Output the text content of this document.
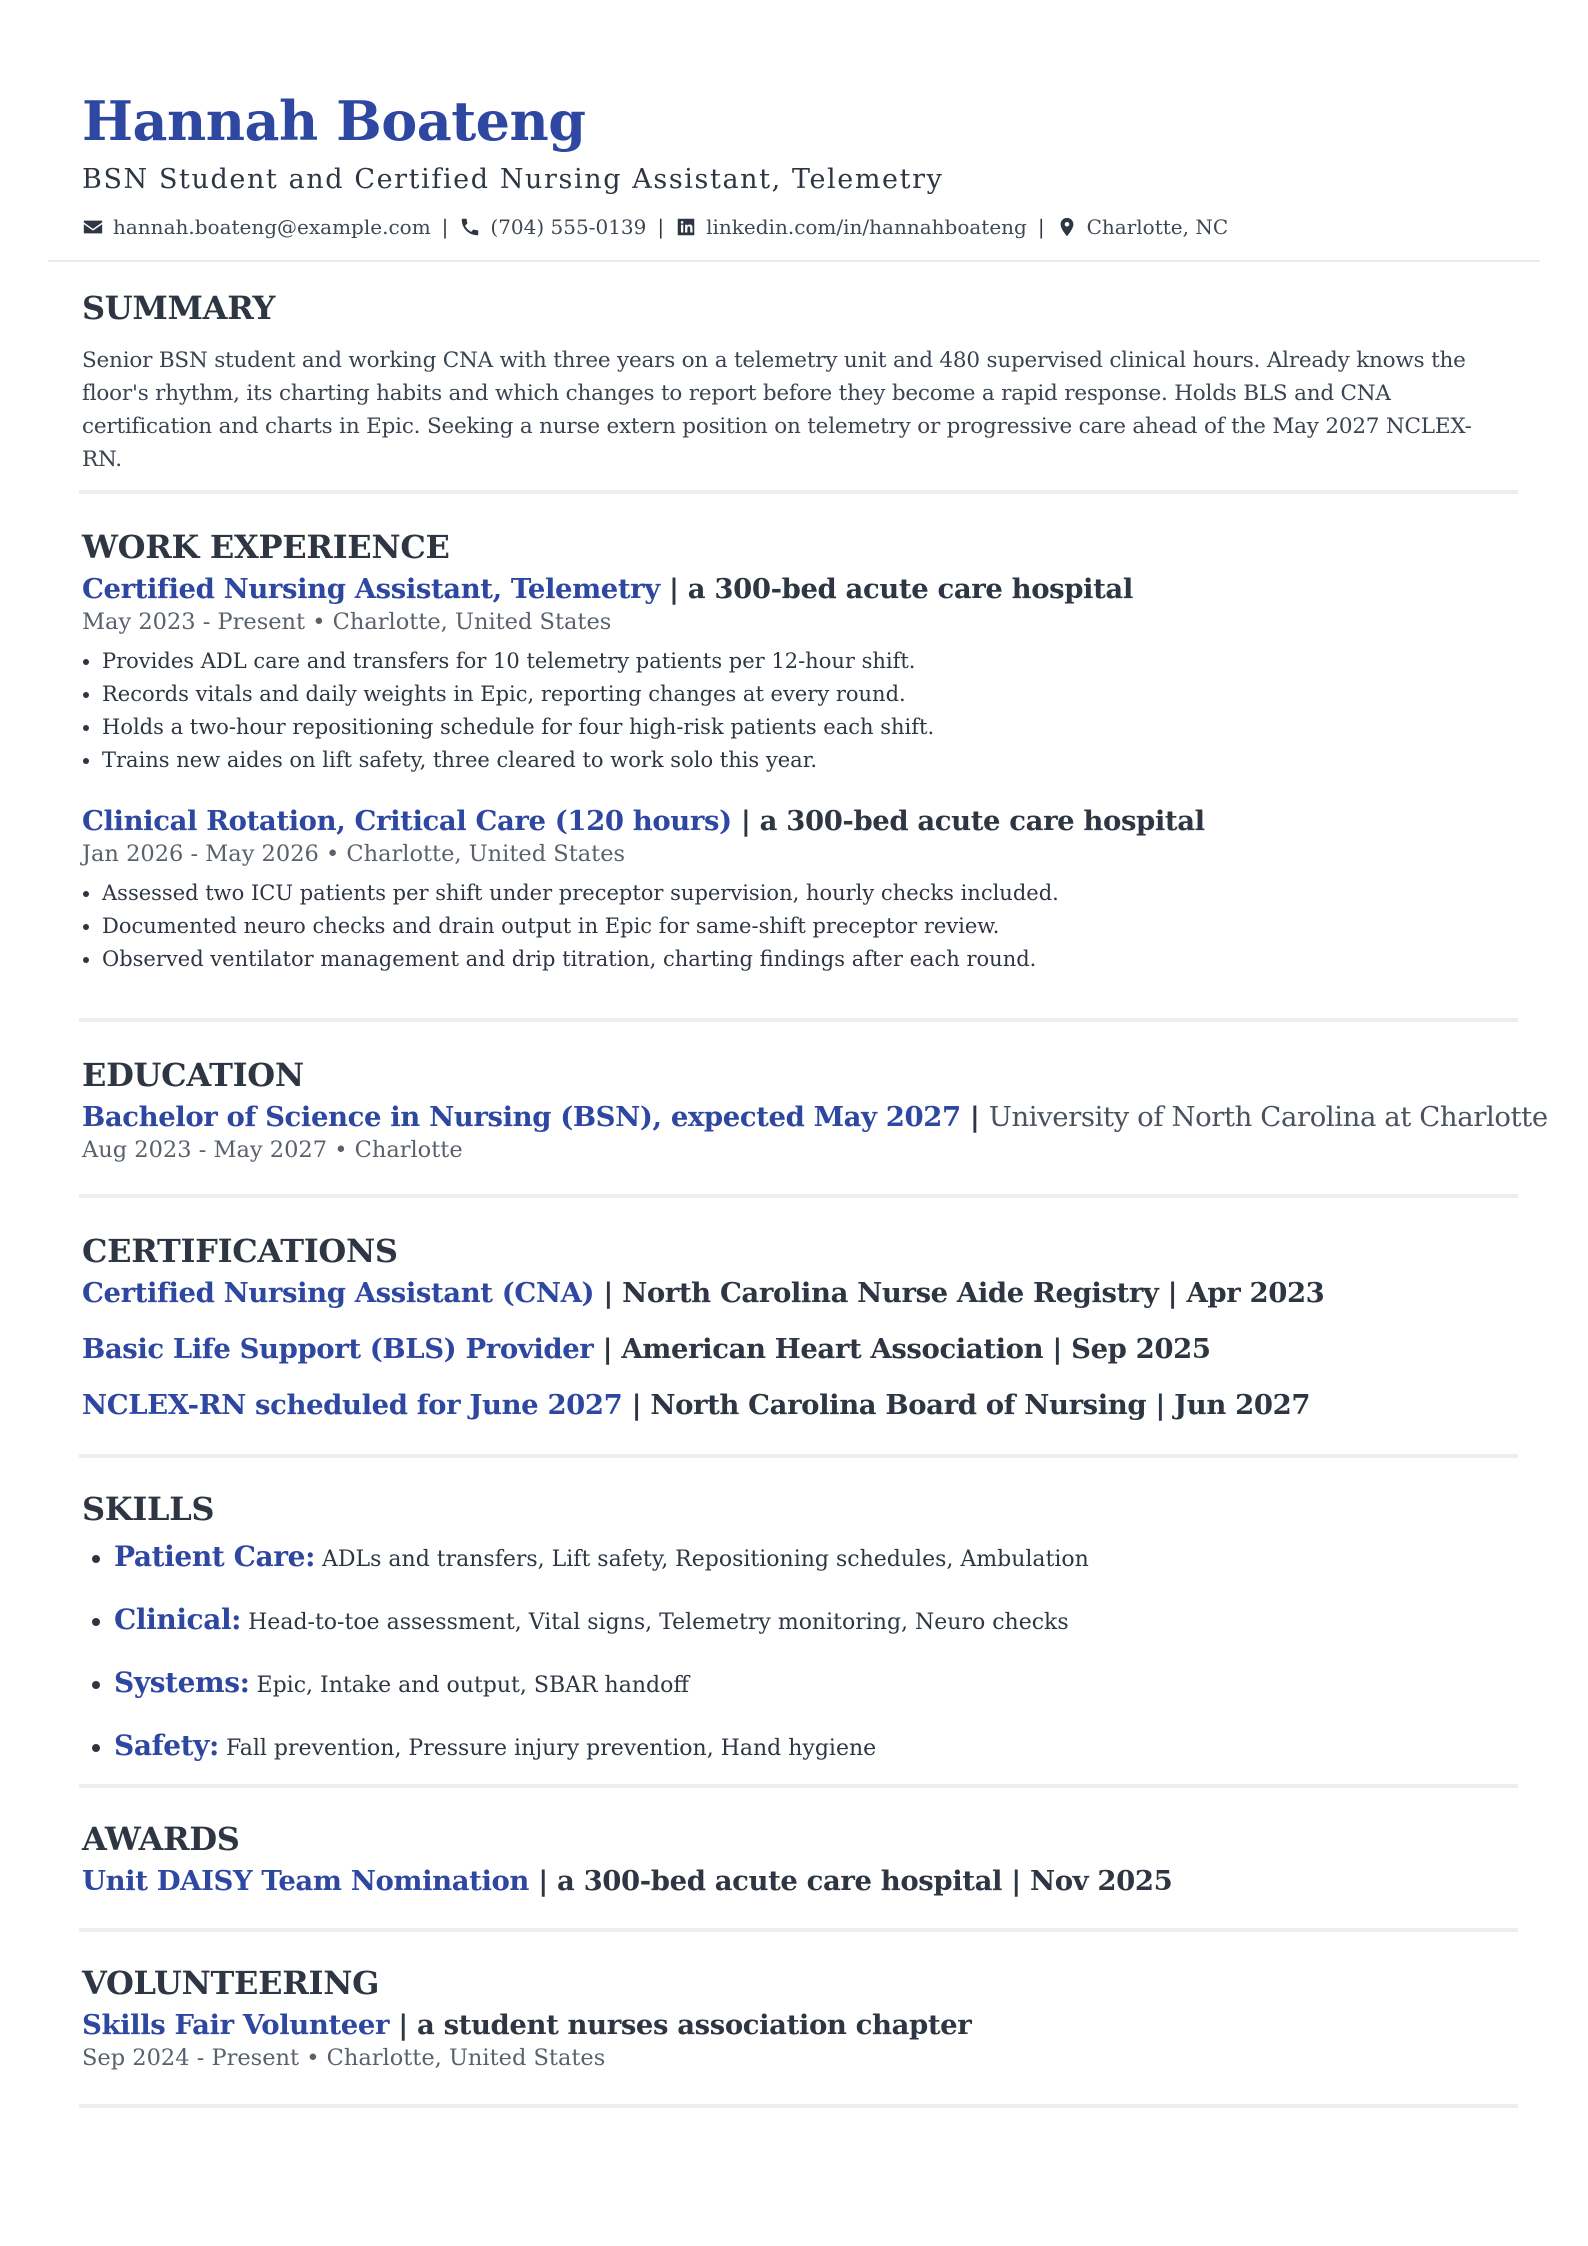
Hannah Boateng
BSN Student and Certified Nursing Assistant, Telemetry
hannah.boateng@example.com | (704) 555-0139 | linkedin.com/in/hannahboateng | Charlotte, NC
SUMMARY
Senior BSN student and working CNA with three years on a telemetry unit and 480 supervised clinical hours. Already knows the floor's rhythm, its charting habits and which changes to report before they become a rapid response. Holds BLS and CNA certification and charts in Epic. Seeking a nurse extern position on telemetry or progressive care ahead of the May 2027 NCLEX-RN.
WORK EXPERIENCE
Certified Nursing Assistant, Telemetry | a 300-bed acute care hospital
May 2023 - Present • Charlotte, United States
• Provides ADL care and transfers for 10 telemetry patients per 12-hour shift.
• Records vitals and daily weights in Epic, reporting changes at every round.
• Holds a two-hour repositioning schedule for four high-risk patients each shift.
• Trains new aides on lift safety, three cleared to work solo this year.
Clinical Rotation, Critical Care (120 hours) | a 300-bed acute care hospital
Jan 2026 - May 2026 • Charlotte, United States
• Assessed two ICU patients per shift under preceptor supervision, hourly checks included.
• Documented neuro checks and drain output in Epic for same-shift preceptor review.
• Observed ventilator management and drip titration, charting findings after each round.
EDUCATION
Bachelor of Science in Nursing (BSN), expected May 2027 | University of North Carolina at Charlotte
Aug 2023 - May 2027 • Charlotte
CERTIFICATIONS
Certified Nursing Assistant (CNA) | North Carolina Nurse Aide Registry | Apr 2023
Basic Life Support (BLS) Provider | American Heart Association | Sep 2025
NCLEX-RN scheduled for June 2027 | North Carolina Board of Nursing | Jun 2027
SKILLS
• Patient Care: ADLs and transfers, Lift safety, Repositioning schedules, Ambulation
• Clinical: Head-to-toe assessment, Vital signs, Telemetry monitoring, Neuro checks
• Systems: Epic, Intake and output, SBAR handoff
• Safety: Fall prevention, Pressure injury prevention, Hand hygiene
AWARDS
Unit DAISY Team Nomination | a 300-bed acute care hospital | Nov 2025
VOLUNTEERING
Skills Fair Volunteer | a student nurses association chapter
Sep 2024 - Present • Charlotte, United States
